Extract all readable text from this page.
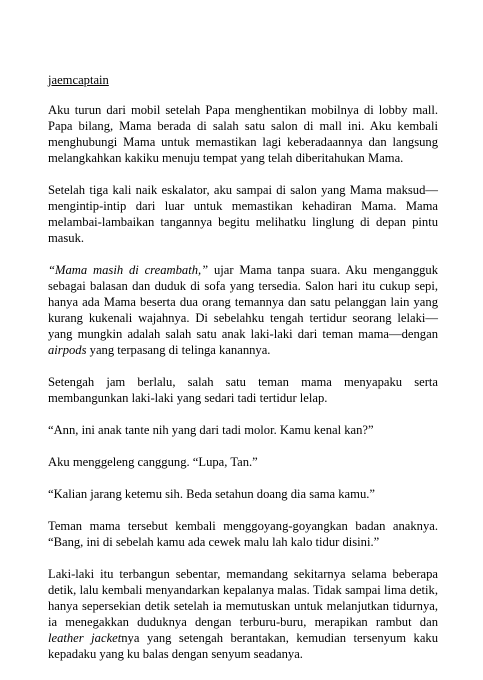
jaemcaptain

Aku turun dari mobil setelah Papa menghentikan mobilnya di lobby mall. Papa bilang, Mama berada di salah satu salon di mall ini. Aku kembali menghubungi Mama untuk memastikan lagi keberadaannya dan langsung melangkahkan kakiku menuju tempat yang telah diberitahukan Mama.

Setelah tiga kali naik eskalator, aku sampai di salon yang Mama maksud—mengintip-intip dari luar untuk memastikan kehadiran Mama. Mama melambai-lambaikan tangannya begitu melihatku linglung di depan pintu masuk.

“Mama masih di creambath,” ujar Mama tanpa suara. Aku mengangguk sebagai balasan dan duduk di sofa yang tersedia. Salon hari itu cukup sepi, hanya ada Mama beserta dua orang temannya dan satu pelanggan lain yang kurang kukenali wajahnya. Di sebelahku tengah tertidur seorang lelaki—yang mungkin adalah salah satu anak laki-laki dari teman mama—dengan airpods yang terpasang di telinga kanannya.

Setengah jam berlalu, salah satu teman mama menyapaku serta membangunkan laki-laki yang sedari tadi tertidur lelap.

“Ann, ini anak tante nih yang dari tadi molor. Kamu kenal kan?”

Aku menggeleng canggung. “Lupa, Tan.”

“Kalian jarang ketemu sih. Beda setahun doang dia sama kamu.”

Teman mama tersebut kembali menggoyang-goyangkan badan anaknya. “Bang, ini di sebelah kamu ada cewek malu lah kalo tidur disini.”

Laki-laki itu terbangun sebentar, memandang sekitarnya selama beberapa detik, lalu kembali menyandarkan kepalanya malas. Tidak sampai lima detik, hanya sepersekian detik setelah ia memutuskan untuk melanjutkan tidurnya, ia menegakkan duduknya dengan terburu-buru, merapikan rambut dan leather jacketnya yang setengah berantakan, kemudian tersenyum kaku kepadaku yang ku balas dengan senyum seadanya.
